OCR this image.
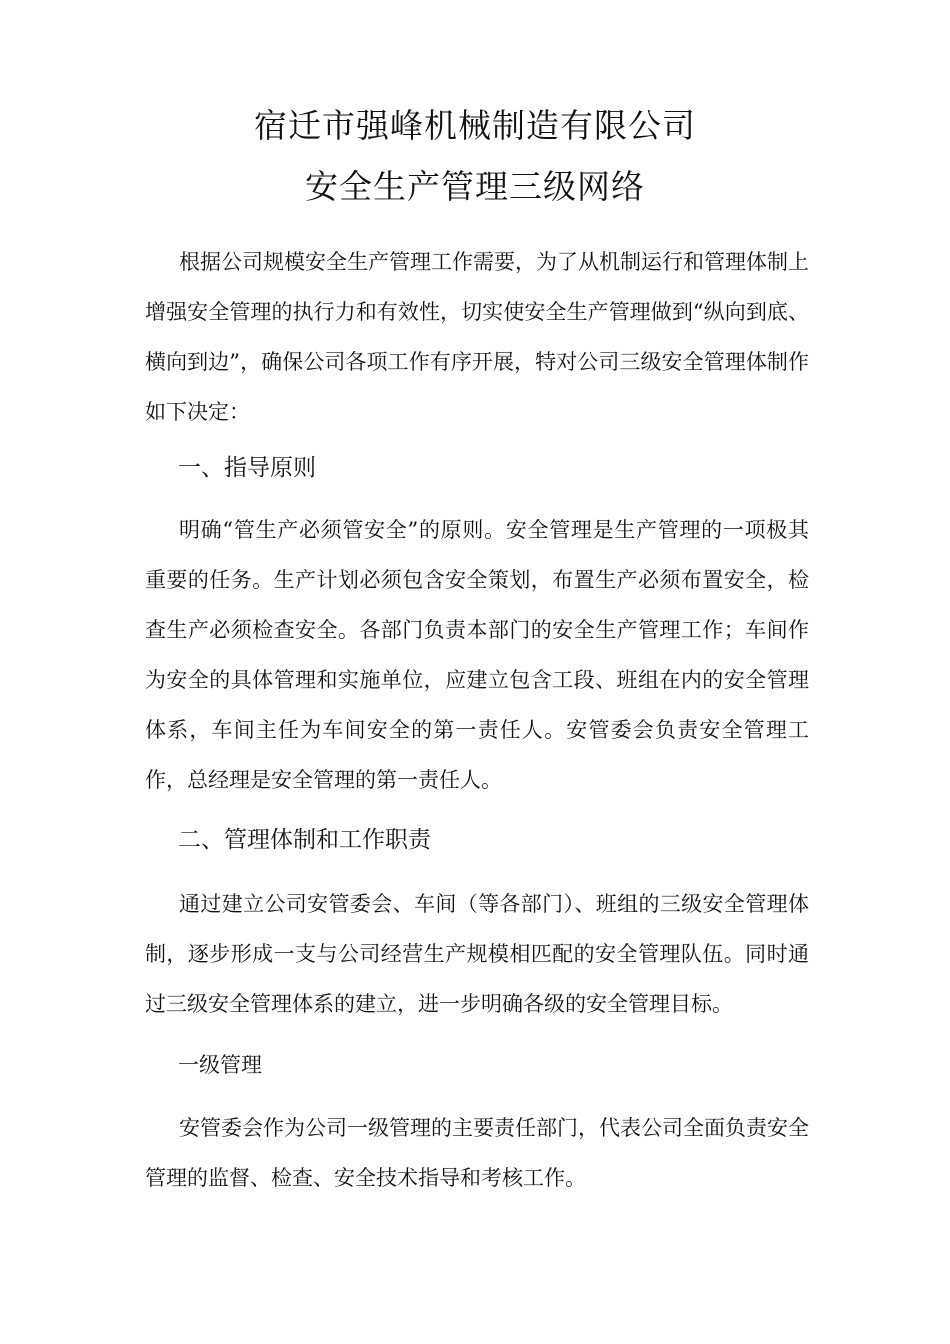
宿迁市强峰机械制造有限公司
安全生产管理三级网络

根据公司规模安全生产管理工作需要，为了从机制运行和管理体制上增强安全管理的执行力和有效性，切实使安全生产管理做到“纵向到底、横向到边”，确保公司各项工作有序开展，特对公司三级安全管理体制作如下决定：

一、指导原则

明确“管生产必须管安全”的原则。安全管理是生产管理的一项极其重要的任务。生产计划必须包含安全策划，布置生产必须布置安全，检查生产必须检查安全。各部门负责本部门的安全生产管理工作；车间作为安全的具体管理和实施单位，应建立包含工段、班组在内的安全管理体系，车间主任为车间安全的第一责任人。安管委会负责安全管理工作，总经理是安全管理的第一责任人。

二、管理体制和工作职责

通过建立公司安管委会、车间（等各部门）、班组的三级安全管理体制，逐步形成一支与公司经营生产规模相匹配的安全管理队伍。同时通过三级安全管理体系的建立，进一步明确各级的安全管理目标。

一级管理

安管委会作为公司一级管理的主要责任部门，代表公司全面负责安全管理的监督、检查、安全技术指导和考核工作。
